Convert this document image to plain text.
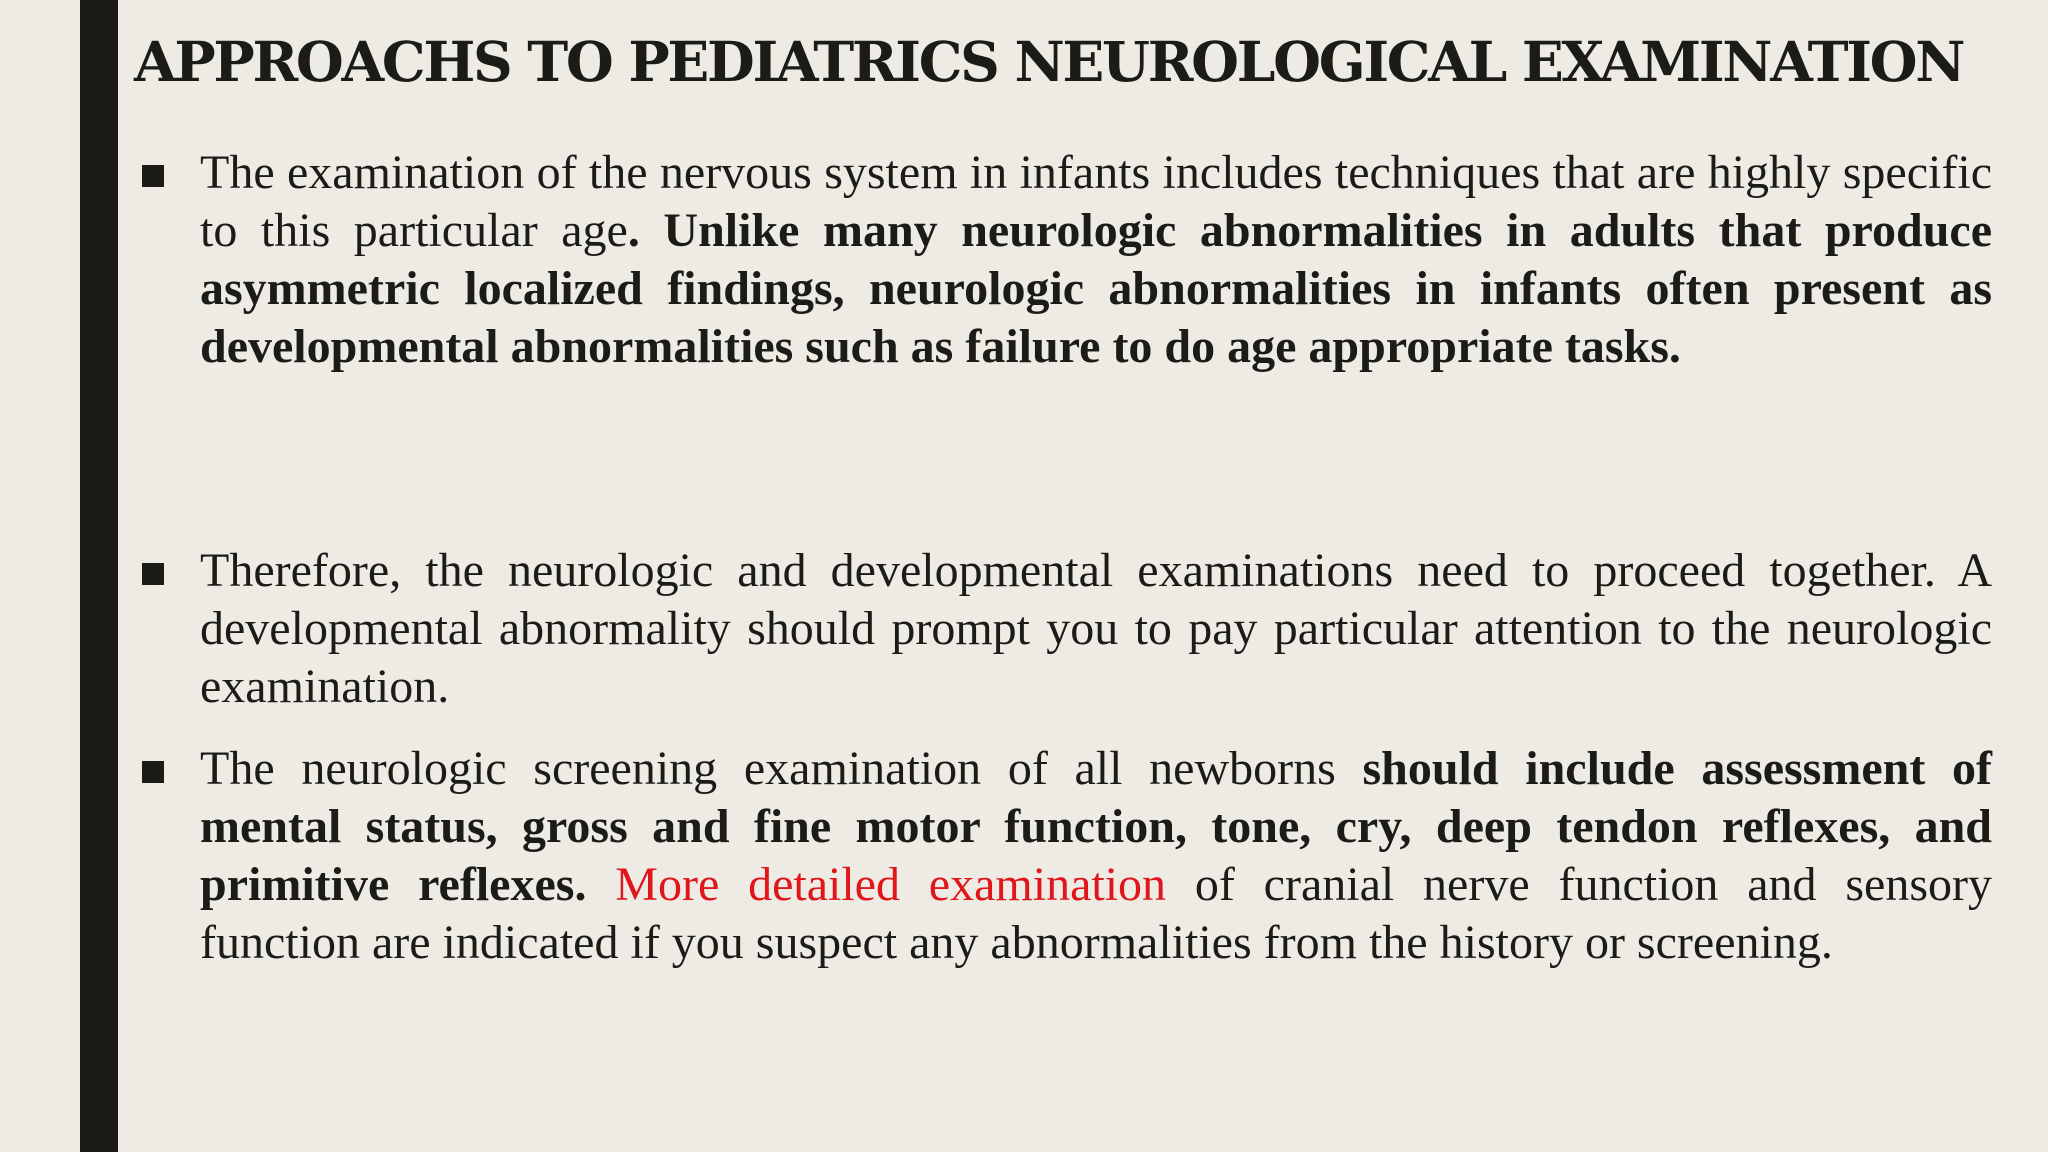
APPROACHS TO PEDIATRICS NEUROLOGICAL EXAMINATION

The examination of the nervous system in infants includes techniques that are highly specific to this particular age. Unlike many neurologic abnormalities in adults that produce asymmetric localized findings, neurologic abnormalities in infants often present as developmental abnormalities such as failure to do age appropriate tasks.

Therefore, the neurologic and developmental examinations need to proceed together. A developmental abnormality should prompt you to pay particular attention to the neurologic examination.

The neurologic screening examination of all newborns should include assessment of mental status, gross and fine motor function, tone, cry, deep tendon reflexes, and primitive reflexes. More detailed examination of cranial nerve function and sensory function are indicated if you suspect any abnormalities from the history or screening.
